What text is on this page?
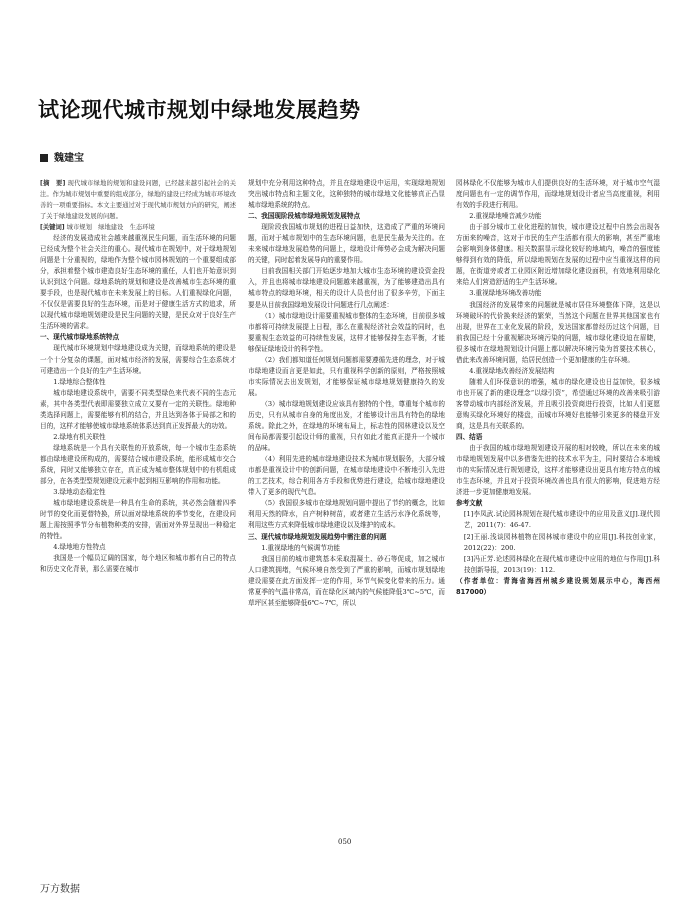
试论现代城市规划中绿地发展趋势
魏建宝

[摘　要] 现代城市绿地的规划和建设问题，已经越来越引起社会的关注。作为城市规划中重要的组成部分，绿地的建设已经成为城市环境改善的一项重要指标。本文主要通过对于现代城市规划方向的研究，阐述了关于绿地建设发展的问题。

[关键词] 城市规划　绿地建设　生态环境

经济的发展造成社会越来越重视民生问题，而生活环境的问题已经成为整个社会关注的重心。现代城市在规划中，对于绿地规划问题是十分重视的，绿地作为整个城市园林规划的一个重要组成部分，承担着整个城市建造良好生态环境的重任，人们也开始意识到认识到这个问题。绿地系统的规划和建设是改善城市生态环境的重要手段，也是现代城市在未来发展上的目标。人们重视绿化问题，不仅仅是需要良好的生态环境，而是对于健康生活方式的追求，所以现代城市绿地规划建设是民生问题的关键，是民众对于良好生产生活环境的需求。

一、现代城市绿地系统特点

现代城市环境规划中绿地建设成为关键，而绿地系统的建设是一个十分复杂的课题，面对城市经济的发展，需要综合生态系统才可建造出一个良好的生产生活环境。

1.绿地综合整体性

城市绿地建设系统中，需要不同类型绿色来代表不同的生态元素，其中各类型代表即需要独立成立又要有一定的关联性。绿地种类选择问题上，需要能够有机的结合，并且达到各体于局部之和的目的，这样才能够使城市绿地系统体系达到真正发挥最大的功效。

2.绿地有机关联性

绿地系统是一个具有关联性的开放系统，每一个城市生态系统都由绿地建设所构成的，需要结合城市建设系统，能形成城市交合系统，同时又能够独立存在，真正成为城市整体规划中的有机组成部分，在各类型型规划建设元素中起到相互影响的作用和功能。

3.绿地动态稳定性

城市绿地建设系统是一种具有生命的系统，其必然会随着四季时节的变化而更替特换，所以面对绿地系统的季节变化，在建设问题上需按照季节分布植物种类的安排，需面对外界呈现出一种稳定的特性。

4.绿地地方性特点

我国是一个幅员辽阔的国家，每个地区和城市都有自己的特点和历史文化背景，那么需要在城市

规划中充分利用这种特点，并且在绿地建设中运用，实现绿地规划突出城市特点和主题文化，这种独特的城市绿地文化能够真正凸显城市绿地系统的特点。

二、我国现阶段城市绿地规划发展特点

现阶段我国城市规划的进程日益加快，这造成了严重的环境问题，而对于城市规划中的生态环境问题，也是民生最为关注的。在未来城市绿地发展趋势的问题上，绿地设计师势必会成为解决问题的关键，同时起着发展导向的重要作用。

目前我国相关部门开始逐步地加大城市生态环境的建设资金投入，并且也将城市绿地建设问题越来越重视，为了能够建造出具有城市特点的绿地环境，相关的设计人员也付出了很多辛劳，下面主要是从目前我国绿地发展设计问题进行几点阐述：

（1）城市绿地设计需要重视城市整体的生态环境，目前很多城市都将可持续发展提上日程，那么在重视经济社会效益的同时，也要重视生态效益的可持续性发展，这样才能够保持生态平衡，才能够保证绿地设计的科学性。

（2）我们都知道任何规划问题都需要遵循先进的理念，对于城市绿地建设而言更是如此，只有重视科学创新的原则，严格按照城市实际情况去出发规划，才能够保证城市绿地规划健康持久的发展。

（3）城市绿地规划建设应该具有独特的个性，尊重每个城市的历史，只有从城市自身的角度出发，才能够设计出具有特色的绿地系统。除此之外，在绿地的环境布局上，标志性的园林建设以及空间布局都需要引起设计师的重视，只有如此才能真正提升一个城市的品味。

（4）利用先进的城市绿地建设技术为城市规划服务，大部分城市都是重视设计中的创新问题，在城市绿地建设中不断地引入先进的工艺技术，综合利用各方手段和优势进行建设，给城市绿地建设带入了更多的现代气息。

（5）我国很多城市在绿地规划问题中提出了节约的概念，比如利用天然的降水，自产树种树苗，或者建立生活污水净化系统等，利用这些方式来降低城市绿地建设以及维护的成本。

三、现代城市绿地规划发展趋势中需注意的问题

1.重视绿地的气候调节功能

我国目前的城市建筑基本采取混凝土、砂石等促成，加之城市人口建筑拥堵，气候环境自然受到了严重的影响，而城市规划绿地建设需要在此方面发挥一定的作用，环节气候变化带来的压力。通常夏季的气温非常高，而在绿化区域内的气候能降低3℃~5℃，而草坪区甚至能够降低6℃~7℃，所以

园林绿化不仅能够为城市人们提供良好的生活环境，对于城市空气湿度问题也有一定的调节作用，而绿地规划设计者应当高度重视，利用有效的手段进行利用。

2.重视绿地噪音减少功能

由于部分城市工业化进程的加快，城市建设过程中自然会出现各方面来的噪音，这对于市民的生产生活都有很大的影响，甚至严重地会影响到身体健康。相关数据显示绿化较好的地域内，噪音的强度能够得到有效的降低，所以绿地规划在发展的过程中应当重视这样的问题，在街道旁或者工业园区附近增加绿化建设面积，有效地利用绿化来给人们营造舒适的生产生活环境。

3.重视绿地环境改善功能

我国经济的发展带来的问题就是城市居住环境整体下降，这是以环境破坏的代价换来经济的繁荣，当然这个问题在世界其他国家也有出现，世界在工业化发展的阶段，发达国家都曾经历过这个问题，目前我国已经十分重视解决环境污染的问题，城市绿化建设迫在眉睫，很多城市在绿地规划设计问题上都以解决环境污染为首要技术核心，借此来改善环境问题，给居民创造一个更加健康的生存环境。

4.重视绿地改善经济发展结构

随着人们环保意识的增强，城市的绿化建设也日益加快，很多城市也开展了新的建设理念“以绿引资”，希望通过环境的改善来吸引游客带动城市内部经济发展，并且吸引投资商进行投资，比如人们更愿意购买绿化环境好的楼盘，而城市环境好也能够引来更多的楼盘开发商，这是具有关联系的。

四、结语

由于我国的城市绿地规划建设开展的相对较晚，所以在未来的城市绿地规划发展中以多借鉴先进的技术水平为主，同时要结合本地城市的实际情况进行规划建设，这样才能够建设出更具有地方特点的城市生态环境，并且对于投资环境改善也具有很大的影响，促进地方经济进一步更加健康地发展。

参考文献

[1]李凤武.试论园林规划在现代城市建设中的应用及意义[J].现代园艺，2011(7)：46-47.

[2]王丽.浅谈园林植物在园林城市建设中的应用[J].科技创业家，2012(22)：200.

[3]冯正芳.论述园林绿化在现代城市建设中应用的地位与作用[J].科技创新导报，2013(19)：112.

（作者单位：青海省海西州城乡建设规划展示中心，海西州　817000）

050
万方数据
